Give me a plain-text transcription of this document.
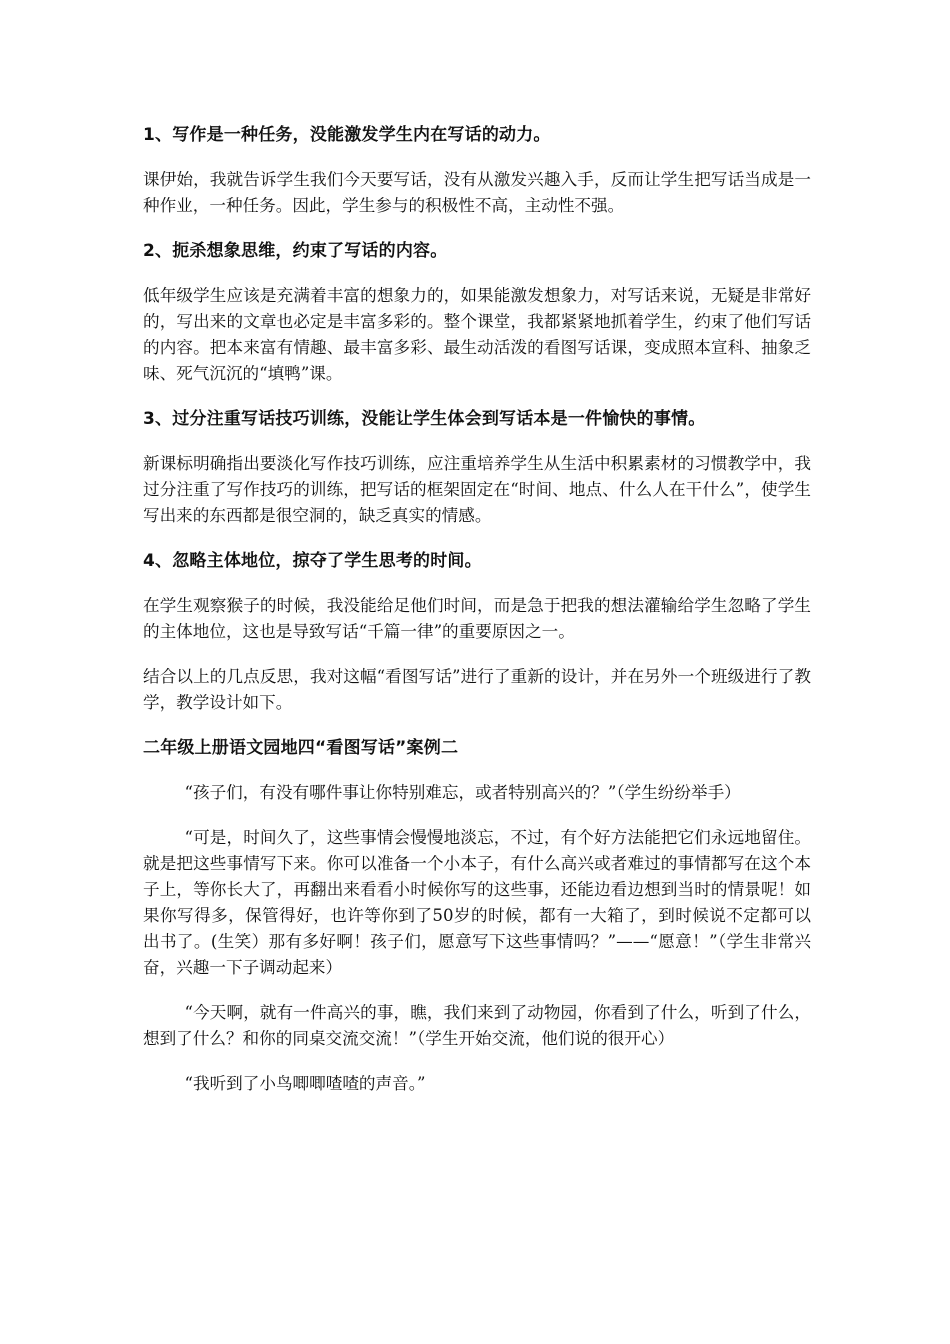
1、写作是一种任务，没能激发学生内在写话的动力。
课伊始，我就告诉学生我们今天要写话，没有从激发兴趣入手，反而让学生把写话当成是一种作业，一种任务。因此，学生参与的积极性不高，主动性不强。
2、扼杀想象思维，约束了写话的内容。
低年级学生应该是充满着丰富的想象力的，如果能激发想象力，对写话来说，无疑是非常好的，写出来的文章也必定是丰富多彩的。整个课堂，我都紧紧地抓着学生，约束了他们写话的内容。把本来富有情趣、最丰富多彩、最生动活泼的看图写话课，变成照本宣科、抽象乏味、死气沉沉的“填鸭”课。
3、过分注重写话技巧训练，没能让学生体会到写话本是一件愉快的事情。
新课标明确指出要淡化写作技巧训练，应注重培养学生从生活中积累素材的习惯教学中，我过分注重了写作技巧的训练，把写话的框架固定在“时间、地点、什么人在干什么”，使学生写出来的东西都是很空洞的，缺乏真实的情感。
4、忽略主体地位，掠夺了学生思考的时间。
在学生观察猴子的时候，我没能给足他们时间，而是急于把我的想法灌输给学生忽略了学生的主体地位，这也是导致写话“千篇一律”的重要原因之一。
结合以上的几点反思，我对这幅“看图写话”进行了重新的设计，并在另外一个班级进行了教学，教学设计如下。
二年级上册语文园地四“看图写话”案例二
“孩子们，有没有哪件事让你特别难忘，或者特别高兴的？”（学生纷纷举手）
“可是，时间久了，这些事情会慢慢地淡忘，不过，有个好方法能把它们永远地留住。就是把这些事情写下来。你可以准备一个小本子，有什么高兴或者难过的事情都写在这个本子上，等你长大了，再翻出来看看小时候你写的这些事，还能边看边想到当时的情景呢！如果你写得多，保管得好，也许等你到了50岁的时候，都有一大箱了，到时候说不定都可以出书了。(生笑）那有多好啊！孩子们，愿意写下这些事情吗？”——“愿意！”（学生非常兴奋，兴趣一下子调动起来）
“今天啊，就有一件高兴的事，瞧，我们来到了动物园，你看到了什么，听到了什么，想到了什么？和你的同桌交流交流！”（学生开始交流，他们说的很开心）
“我听到了小鸟唧唧喳喳的声音。”
